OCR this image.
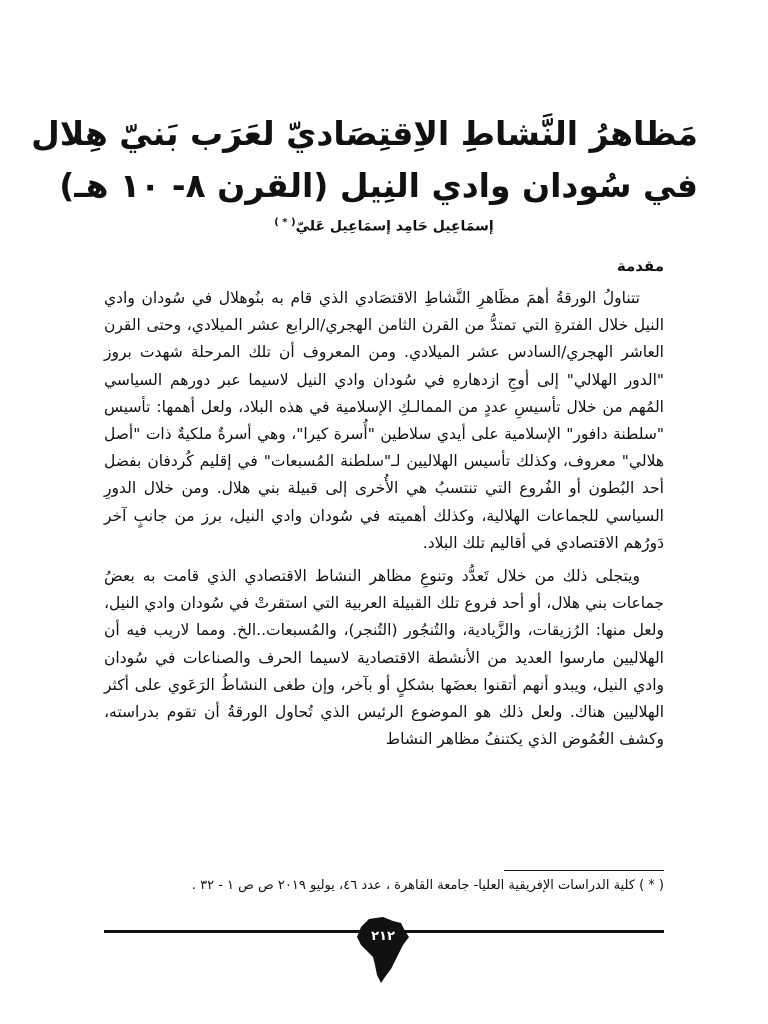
مَظاهرُ النَّشاطِ الاِقتِصَاديّ لعَرَب بَنيّ هِلال
في سُودان وادي النِيل (القرن ٨- ١٠ هـ)
إسمَاعِيل حَامِد إسمَاعِيل عَليّ( * )
مقدمة

تتناولُ الورقةُ أهمَ مظَاهرِ النَّشاطِ الاقتصَادي الذي قام به بنُوهلال في سُودان وادي النيل خلال الفترةِ التي تمتدُّ من القرن الثامن الهجري/الرابع عشر الميلادي، وحتى القرن العاشر الهجري/السادس عشر الميلادي. ومن المعروف أن تلك المرحلة شهدت بروز "الدور الهلالي" إلى أوجِ ازدهارهِ في سُودان وادي النيل لاسيما عبر دورهم السياسي المُهم من خلال تأسيسِ عددٍ من الممالـكِ الإسلامية في هذه البلاد، ولعل أهمها: تأسيس "سلطنة دافور" الإسلامية على أيدي سلاطين "أُسرة كيرا"، وهي أسرةٌ ملكيةٌ ذات "أصل هلالي" معروف، وكذلك تأسيس الهلاليين لـ"سلطنة المُسبعات" في إقليم كُردفان بفضل أحد البُطون أو الفُروع التي تنتسبُ هي الأُخرى إلى قبيلة بني هلال. ومن خلال الدورِ السياسي للجماعات الهلالية، وكذلك أهميته في سُودان وادي النيل، برز من جانبٍ آخر دَورُهم الاقتصادي في أقاليم تلك البلاد.

ويتجلى ذلك من خلال تَعدُّد وتنوعِ مظاهر النشاط الاقتصادي الذي قامت به بعضُ جماعات بني هلال، أو أحد فروع تلك القبيلة العربية التي استقرتْ في سُودان وادي النيل، ولعل منها: الرُزيقات، والزَّيادية، والتُنجُور (التُنجر)، والمُسبعات..الخ. ومما لاريب فيه أن الهلاليين مارسوا العديد من الأنشطة الاقتصادية لاسيما الحرف والصناعات في سُودان وادي النيل، ويبدو أنهم أتقنوا بعضَها بشكلٍ أو بآخر، وإن طغى النشاطُ الرَعَوي على أكثر الهلاليين هناك. ولعل ذلك هو الموضوع الرئيس الذي تُحاول الورقةُ أن تقوم بدراسته، وكشف الغُمُوض الذي يكتنفُ مظاهر النشاط

( * ) كلية الدراسات الإفريقية العليا- جامعة القاهرة ، عدد ٤٦، يوليو ٢٠١٩ ص ص ١ - ٣٢ .
٢١٢
